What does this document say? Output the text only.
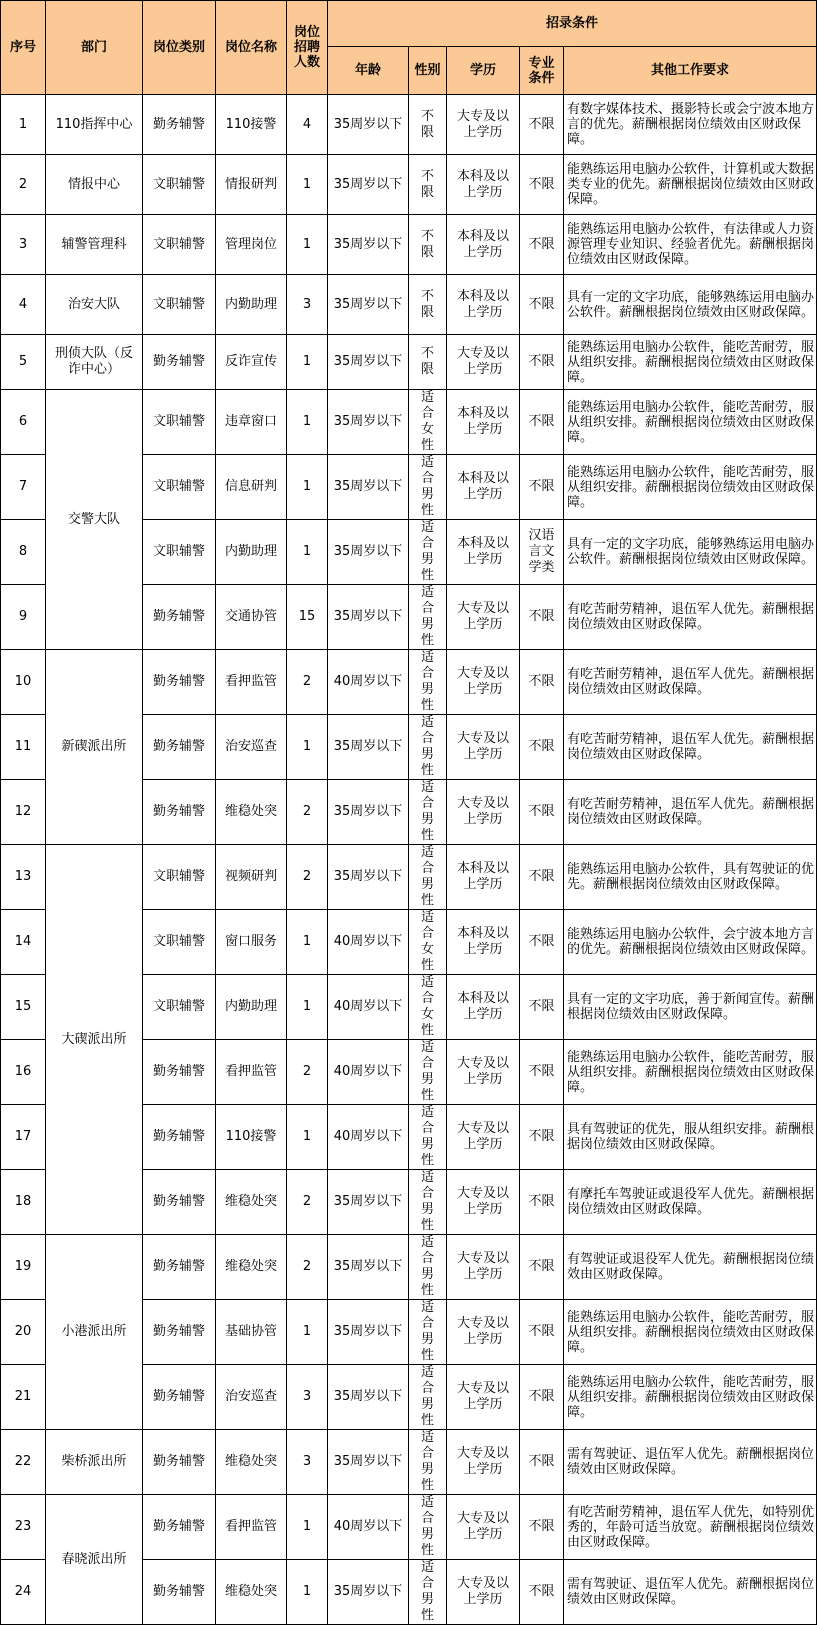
序号	部门	岗位类别	岗位名称	岗位招聘人数	招录条件				
					年龄	性别	学历	专业条件	其他工作要求
1	110指挥中心	勤务辅警	110接警	4	35周岁以下	不限	大专及以上学历	不限	有数字媒体技术、摄影特长或会宁波本地方言的优先。薪酬根据岗位绩效由区财政保障。
2	情报中心	文职辅警	情报研判	1	35周岁以下	不限	本科及以上学历	不限	能熟练运用电脑办公软件，计算机或大数据类专业的优先。薪酬根据岗位绩效由区财政保障。
3	辅警管理科	文职辅警	管理岗位	1	35周岁以下	不限	本科及以上学历	不限	能熟练运用电脑办公软件，有法律或人力资源管理专业知识、经验者优先。薪酬根据岗位绩效由区财政保障。
4	治安大队	文职辅警	内勤助理	3	35周岁以下	不限	本科及以上学历	不限	具有一定的文字功底，能够熟练运用电脑办公软件。薪酬根据岗位绩效由区财政保障。
5	刑侦大队（反诈中心）	勤务辅警	反诈宣传	1	35周岁以下	不限	大专及以上学历	不限	能熟练运用电脑办公软件，能吃苦耐劳，服从组织安排。薪酬根据岗位绩效由区财政保障。
6	交警大队	文职辅警	违章窗口	1	35周岁以下	适合女性	本科及以上学历	不限	能熟练运用电脑办公软件，能吃苦耐劳，服从组织安排。薪酬根据岗位绩效由区财政保障。
7		文职辅警	信息研判	1	35周岁以下	适合男性	本科及以上学历	不限	能熟练运用电脑办公软件，能吃苦耐劳，服从组织安排。薪酬根据岗位绩效由区财政保障。
8		文职辅警	内勤助理	1	35周岁以下	适合男性	本科及以上学历	汉语言文学类	具有一定的文字功底，能够熟练运用电脑办公软件。薪酬根据岗位绩效由区财政保障。
9		勤务辅警	交通协管	15	35周岁以下	适合男性	大专及以上学历	不限	有吃苦耐劳精神，退伍军人优先。薪酬根据岗位绩效由区财政保障。
10	新碶派出所	勤务辅警	看押监管	2	40周岁以下	适合男性	大专及以上学历	不限	有吃苦耐劳精神，退伍军人优先。薪酬根据岗位绩效由区财政保障。
11		勤务辅警	治安巡查	1	35周岁以下	适合男性	大专及以上学历	不限	有吃苦耐劳精神，退伍军人优先。薪酬根据岗位绩效由区财政保障。
12		勤务辅警	维稳处突	2	35周岁以下	适合男性	大专及以上学历	不限	有吃苦耐劳精神，退伍军人优先。薪酬根据岗位绩效由区财政保障。
13	大碶派出所	文职辅警	视频研判	2	35周岁以下	适合男性	本科及以上学历	不限	能熟练运用电脑办公软件，具有驾驶证的优先。薪酬根据岗位绩效由区财政保障。
14		文职辅警	窗口服务	1	40周岁以下	适合女性	本科及以上学历	不限	能熟练运用电脑办公软件，会宁波本地方言的优先。薪酬根据岗位绩效由区财政保障。
15		文职辅警	内勤助理	1	40周岁以下	适合女性	本科及以上学历	不限	具有一定的文字功底，善于新闻宣传。薪酬根据岗位绩效由区财政保障。
16		勤务辅警	看押监管	2	40周岁以下	适合男性	大专及以上学历	不限	能熟练运用电脑办公软件，能吃苦耐劳，服从组织安排。薪酬根据岗位绩效由区财政保障。
17		勤务辅警	110接警	1	40周岁以下	适合男性	大专及以上学历	不限	具有驾驶证的优先，服从组织安排。薪酬根据岗位绩效由区财政保障。
18		勤务辅警	维稳处突	2	35周岁以下	适合男性	大专及以上学历	不限	有摩托车驾驶证或退役军人优先。薪酬根据岗位绩效由区财政保障。
19	小港派出所	勤务辅警	维稳处突	2	35周岁以下	适合男性	大专及以上学历	不限	有驾驶证或退役军人优先。薪酬根据岗位绩效由区财政保障。
20		勤务辅警	基础协管	1	35周岁以下	适合男性	大专及以上学历	不限	能熟练运用电脑办公软件，能吃苦耐劳，服从组织安排。薪酬根据岗位绩效由区财政保障。
21		勤务辅警	治安巡查	3	35周岁以下	适合男性	大专及以上学历	不限	能熟练运用电脑办公软件，能吃苦耐劳，服从组织安排。薪酬根据岗位绩效由区财政保障。
22	柴桥派出所	勤务辅警	维稳处突	3	35周岁以下	适合男性	大专及以上学历	不限	需有驾驶证、退伍军人优先。薪酬根据岗位绩效由区财政保障。
23	春晓派出所	勤务辅警	看押监管	1	40周岁以下	适合男性	大专及以上学历	不限	有吃苦耐劳精神，退伍军人优先，如特别优秀的，年龄可适当放宽。薪酬根据岗位绩效由区财政保障。
24		勤务辅警	维稳处突	1	35周岁以下	适合男性	大专及以上学历	不限	需有驾驶证、退伍军人优先。薪酬根据岗位绩效由区财政保障。
